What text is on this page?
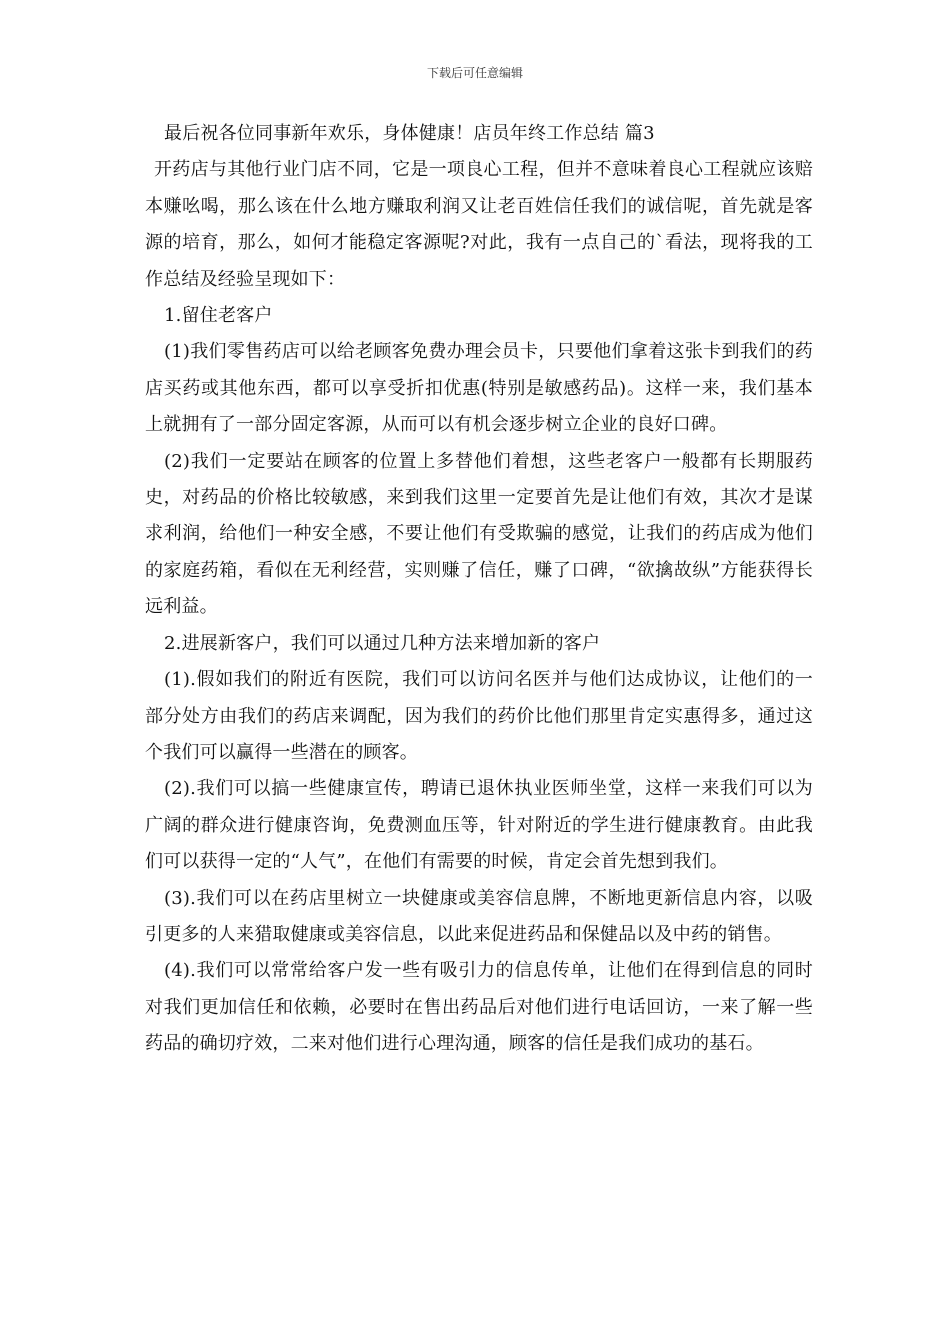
下载后可任意编辑

最后祝各位同事新年欢乐，身体健康！店员年终工作总结 篇3

开药店与其他行业门店不同，它是一项良心工程，但并不意味着良心工程就应该赔本赚吆喝，那么该在什么地方赚取利润又让老百姓信任我们的诚信呢，首先就是客源的培育，那么，如何才能稳定客源呢?对此，我有一点自己的`看法，现将我的工作总结及经验呈现如下：

1.留住老客户

(1)我们零售药店可以给老顾客免费办理会员卡，只要他们拿着这张卡到我们的药店买药或其他东西，都可以享受折扣优惠(特别是敏感药品)。这样一来，我们基本上就拥有了一部分固定客源，从而可以有机会逐步树立企业的良好口碑。

(2)我们一定要站在顾客的位置上多替他们着想，这些老客户一般都有长期服药史，对药品的价格比较敏感，来到我们这里一定要首先是让他们有效，其次才是谋求利润，给他们一种安全感，不要让他们有受欺骗的感觉，让我们的药店成为他们的家庭药箱，看似在无利经营，实则赚了信任，赚了口碑，“欲擒故纵”方能获得长远利益。

2.进展新客户，我们可以通过几种方法来增加新的客户

(1).假如我们的附近有医院，我们可以访问名医并与他们达成协议，让他们的一部分处方由我们的药店来调配，因为我们的药价比他们那里肯定实惠得多，通过这个我们可以赢得一些潜在的顾客。

(2).我们可以搞一些健康宣传，聘请已退休执业医师坐堂，这样一来我们可以为广阔的群众进行健康咨询，免费测血压等，针对附近的学生进行健康教育。由此我们可以获得一定的“人气”，在他们有需要的时候，肯定会首先想到我们。

(3).我们可以在药店里树立一块健康或美容信息牌，不断地更新信息内容，以吸引更多的人来猎取健康或美容信息，以此来促进药品和保健品以及中药的销售。

(4).我们可以常常给客户发一些有吸引力的信息传单，让他们在得到信息的同时对我们更加信任和依赖，必要时在售出药品后对他们进行电话回访，一来了解一些药品的确切疗效，二来对他们进行心理沟通，顾客的信任是我们成功的基石。
